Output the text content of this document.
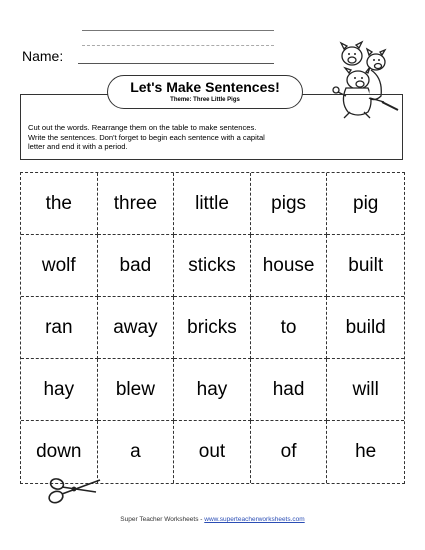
Name:
Let's Make Sentences!
Theme: Three Little Pigs
Cut out the words. Rearrange them on the table to make sentences.
Write the sentences. Don't forget to begin each sentence with a capital
letter and end it with a period.
the	three	little	pigs	pig
wolf	bad	sticks	house	built
ran	away	bricks	to	build
hay	blew	hay	had	will
down	a	out	of	he
Super Teacher Worksheets - www.superteacherworksheets.com
